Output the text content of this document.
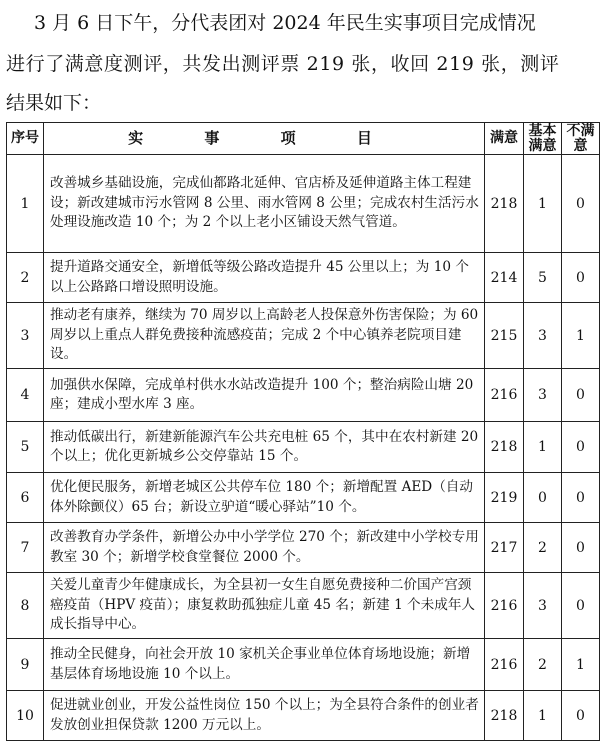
3 月 6 日下午，分代表团对 2024 年民生实事项目完成情况
进行了满意度测评，共发出测评票 219 张，收回 219 张，测评
结果如下：
序号	实 事 项 目	满意	基本满意	不满意
1	改善城乡基础设施，完成仙都路北延伸、官店桥及延伸道路主体工程建设；新改建城市污水管网 8 公里、雨水管网 8 公里；完成农村生活污水处理设施改造 10 个；为 2 个以上老小区铺设天然气管道。	218	1	0
2	提升道路交通安全，新增低等级公路改造提升 45 公里以上；为 10 个以上公路路口增设照明设施。	214	5	0
3	推动老有康养，继续为 70 周岁以上高龄老人投保意外伤害保险；为 60 周岁以上重点人群免费接种流感疫苗；完成 2 个中心镇养老院项目建设。	215	3	1
4	加强供水保障，完成单村供水水站改造提升 100 个；整治病险山塘 20 座；建成小型水库 3 座。	216	3	0
5	推动低碳出行，新建新能源汽车公共充电桩 65 个，其中在农村新建 20 个以上；优化更新城乡公交停靠站 15 个。	218	1	0
6	优化便民服务，新增老城区公共停车位 180 个；新增配置 AED（自动体外除颤仪）65 台；新设立驴道“暖心驿站”10 个。	219	0	0
7	改善教育办学条件，新增公办中小学学位 270 个；新改建中小学校专用教室 30 个；新增学校食堂餐位 2000 个。	217	2	0
8	关爱儿童青少年健康成长，为全县初一女生自愿免费接种二价国产宫颈癌疫苗（HPV 疫苗）；康复救助孤独症儿童 45 名；新建 1 个未成年人成长指导中心。	216	3	0
9	推动全民健身，向社会开放 10 家机关企事业单位体育场地设施；新增基层体育场地设施 10 个以上。	216	2	1
10	促进就业创业，开发公益性岗位 150 个以上；为全县符合条件的创业者发放创业担保贷款 1200 万元以上。	218	1	0
